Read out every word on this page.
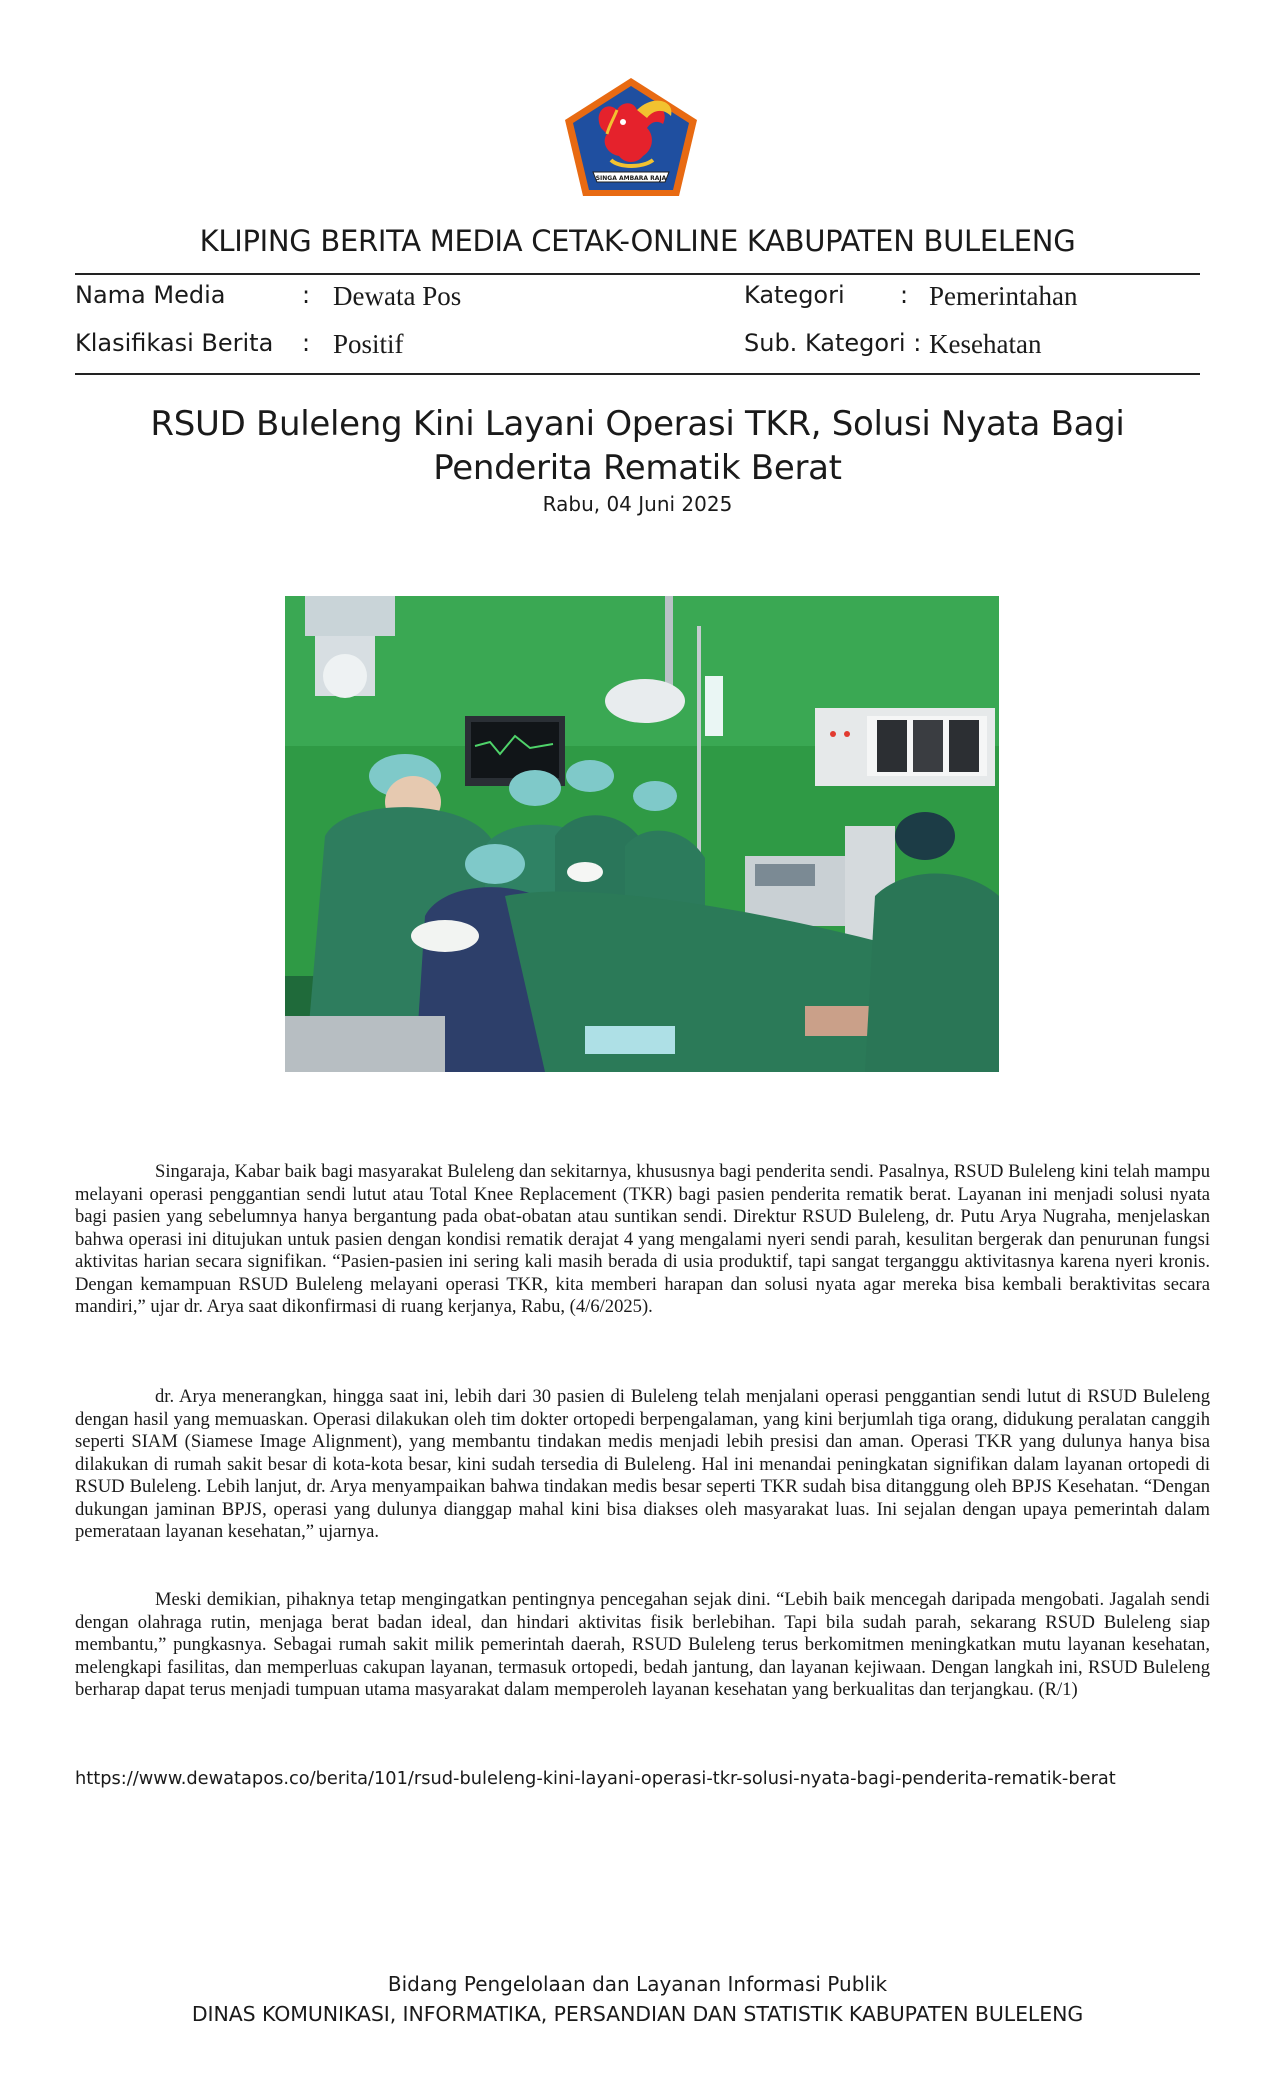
SINGA AMBARA RAJA
KLIPING BERITA MEDIA CETAK-ONLINE KABUPATEN BULELENG
Nama Media	: Dewata Pos	Kategori : Pemerintahan
Klasifikasi Berita : Positif	Sub. Kategori : Kesehatan
RSUD Buleleng Kini Layani Operasi TKR, Solusi Nyata Bagi Penderita Rematik Berat
Rabu, 04 Juni 2025

Singaraja, Kabar baik bagi masyarakat Buleleng dan sekitarnya, khususnya bagi penderita sendi. Pasalnya, RSUD Buleleng kini telah mampu melayani operasi penggantian sendi lutut atau Total Knee Replacement (TKR) bagi pasien penderita rematik berat. Layanan ini menjadi solusi nyata bagi pasien yang sebelumnya hanya bergantung pada obat-obatan atau suntikan sendi. Direktur RSUD Buleleng, dr. Putu Arya Nugraha, menjelaskan bahwa operasi ini ditujukan untuk pasien dengan kondisi rematik derajat 4 yang mengalami nyeri sendi parah, kesulitan bergerak dan penurunan fungsi aktivitas harian secara signifikan. “Pasien-pasien ini sering kali masih berada di usia produktif, tapi sangat terganggu aktivitasnya karena nyeri kronis. Dengan kemampuan RSUD Buleleng melayani operasi TKR, kita memberi harapan dan solusi nyata agar mereka bisa kembali beraktivitas secara mandiri,” ujar dr. Arya saat dikonfirmasi di ruang kerjanya, Rabu, (4/6/2025).

dr. Arya menerangkan, hingga saat ini, lebih dari 30 pasien di Buleleng telah menjalani operasi penggantian sendi lutut di RSUD Buleleng dengan hasil yang memuaskan. Operasi dilakukan oleh tim dokter ortopedi berpengalaman, yang kini berjumlah tiga orang, didukung peralatan canggih seperti SIAM (Siamese Image Alignment), yang membantu tindakan medis menjadi lebih presisi dan aman. Operasi TKR yang dulunya hanya bisa dilakukan di rumah sakit besar di kota-kota besar, kini sudah tersedia di Buleleng. Hal ini menandai peningkatan signifikan dalam layanan ortopedi di RSUD Buleleng. Lebih lanjut, dr. Arya menyampaikan bahwa tindakan medis besar seperti TKR sudah bisa ditanggung oleh BPJS Kesehatan. “Dengan dukungan jaminan BPJS, operasi yang dulunya dianggap mahal kini bisa diakses oleh masyarakat luas. Ini sejalan dengan upaya pemerintah dalam pemerataan layanan kesehatan,” ujarnya.

Meski demikian, pihaknya tetap mengingatkan pentingnya pencegahan sejak dini. “Lebih baik mencegah daripada mengobati. Jagalah sendi dengan olahraga rutin, menjaga berat badan ideal, dan hindari aktivitas fisik berlebihan. Tapi bila sudah parah, sekarang RSUD Buleleng siap membantu,” pungkasnya. Sebagai rumah sakit milik pemerintah daerah, RSUD Buleleng terus berkomitmen meningkatkan mutu layanan kesehatan, melengkapi fasilitas, dan memperluas cakupan layanan, termasuk ortopedi, bedah jantung, dan layanan kejiwaan. Dengan langkah ini, RSUD Buleleng berharap dapat terus menjadi tumpuan utama masyarakat dalam memperoleh layanan kesehatan yang berkualitas dan terjangkau. (R/1)

https://www.dewatapos.co/berita/101/rsud-buleleng-kini-layani-operasi-tkr-solusi-nyata-bagi-penderita-rematik-berat
Bidang Pengelolaan dan Layanan Informasi Publik
DINAS KOMUNIKASI, INFORMATIKA, PERSANDIAN DAN STATISTIK KABUPATEN BULELENG
